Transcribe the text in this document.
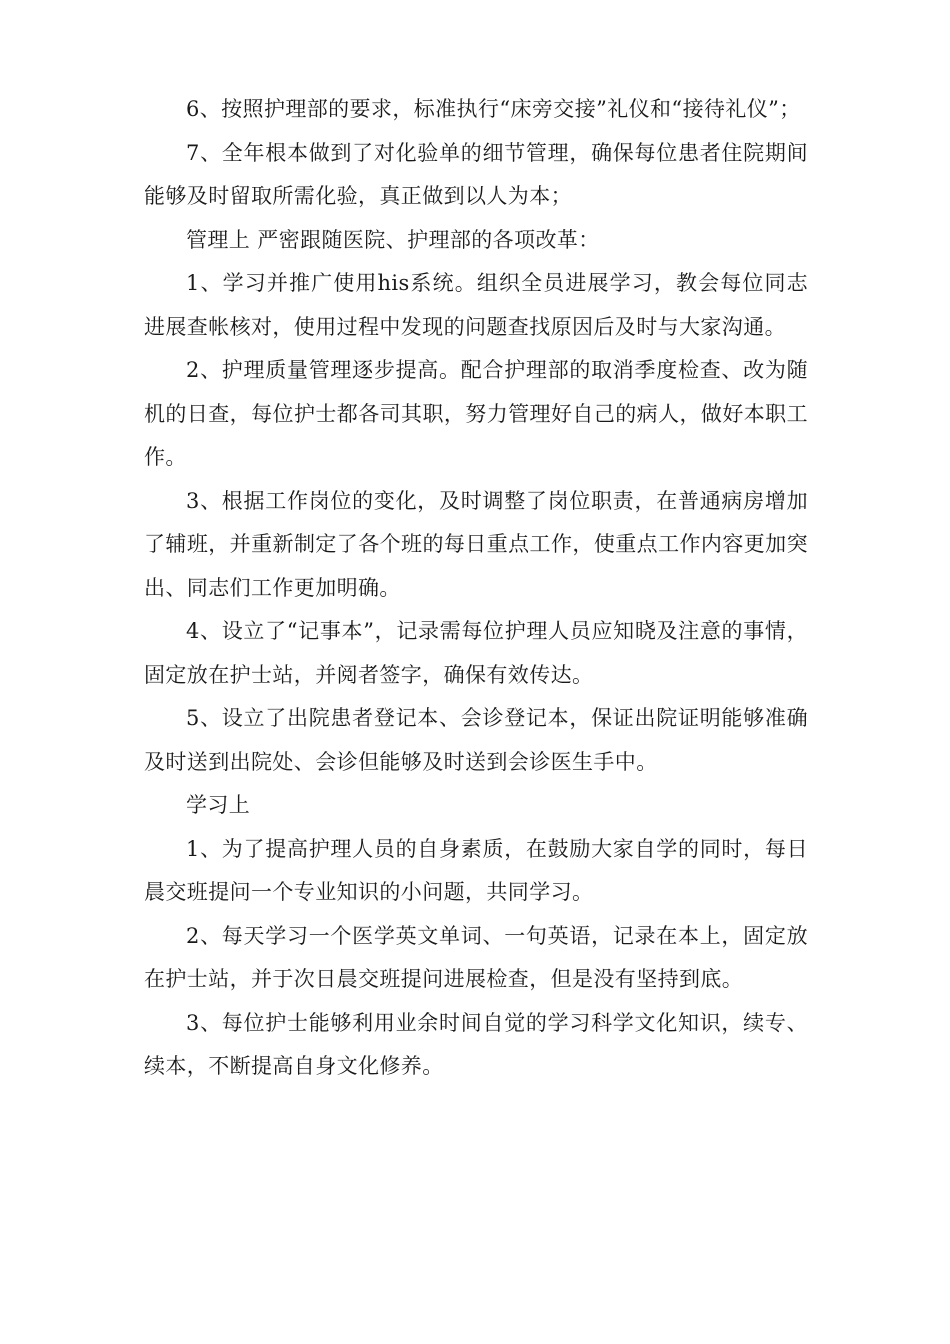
6、按照护理部的要求，标准执行“床旁交接”礼仪和“接待礼仪”；

7、全年根本做到了对化验单的细节管理，确保每位患者住院期间能够及时留取所需化验，真正做到以人为本；

管理上 严密跟随医院、护理部的各项改革：

1、学习并推广使用his系统。组织全员进展学习，教会每位同志进展查帐核对，使用过程中发现的问题查找原因后及时与大家沟通。

2、护理质量管理逐步提高。配合护理部的取消季度检查、改为随机的日查，每位护士都各司其职，努力管理好自己的病人，做好本职工作。

3、根据工作岗位的变化，及时调整了岗位职责，在普通病房增加了辅班，并重新制定了各个班的每日重点工作，使重点工作内容更加突出、同志们工作更加明确。

4、设立了“记事本”，记录需每位护理人员应知晓及注意的事情，固定放在护士站，并阅者签字，确保有效传达。

5、设立了出院患者登记本、会诊登记本，保证出院证明能够准确及时送到出院处、会诊但能够及时送到会诊医生手中。

学习上

1、为了提高护理人员的自身素质，在鼓励大家自学的同时，每日晨交班提问一个专业知识的小问题，共同学习。

2、每天学习一个医学英文单词、一句英语，记录在本上，固定放在护士站，并于次日晨交班提问进展检查，但是没有坚持到底。

3、每位护士能够利用业余时间自觉的学习科学文化知识，续专、续本，不断提高自身文化修养。
